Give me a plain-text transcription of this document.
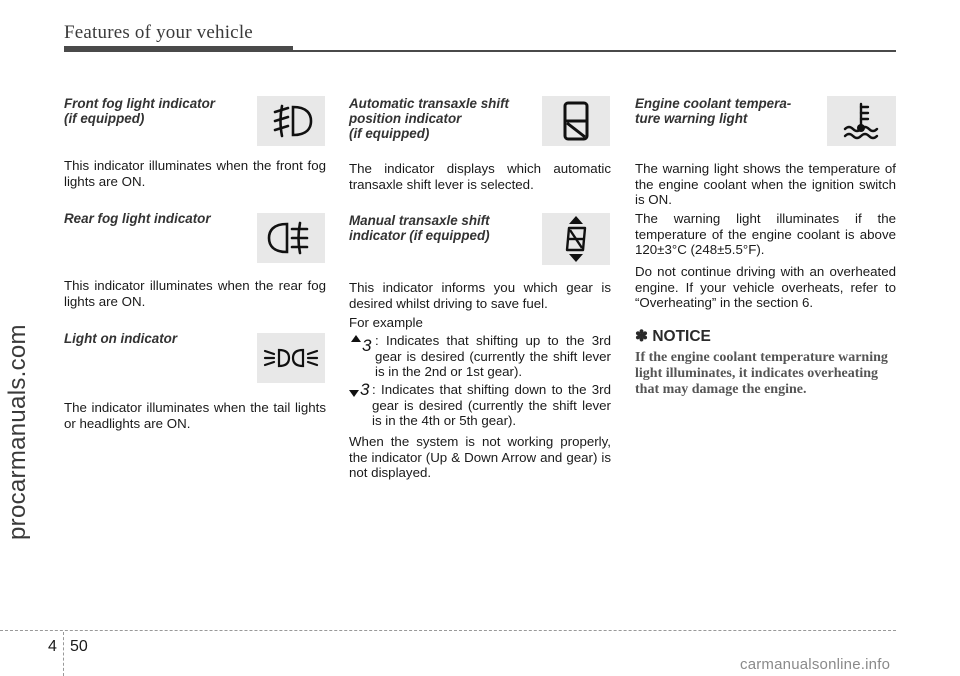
Features of your vehicle
procarmanuals.com
Front fog light indicator
(if equipped)
This indicator illuminates when the front fog lights are ON.
Rear fog light indicator
This indicator illuminates when the rear fog lights are ON.
Light on indicator
The indicator illuminates when the tail lights or headlights are ON.
Automatic transaxle shift
position indicator
(if equipped)
The indicator displays which automatic transaxle shift lever is selected.
Manual transaxle shift
indicator (if equipped)
This indicator informs you which gear is desired whilst driving to save fuel.
For example
3 : Indicates that shifting up to the 3rd gear is desired (currently the shift lever is in the 2nd or 1st gear).
3 : Indicates that shifting down to the 3rd gear is desired (currently the shift lever is in the 4th or 5th gear).
When the system is not working properly, the indicator (Up & Down Arrow and gear) is not displayed.
Engine coolant tempera-
ture warning light
The warning light shows the temperature of the engine coolant when the ignition switch is ON.
The warning light illuminates if the temperature of the engine coolant is above 120±3°C (248±5.5°F).
Do not continue driving with an overheated engine. If your vehicle overheats, refer to “Overheating” in the section 6.
✽ NOTICE
If the engine coolant temperature warning light illuminates, it indicates overheating that may damage the engine.
4 50
carmanualsonline.info
